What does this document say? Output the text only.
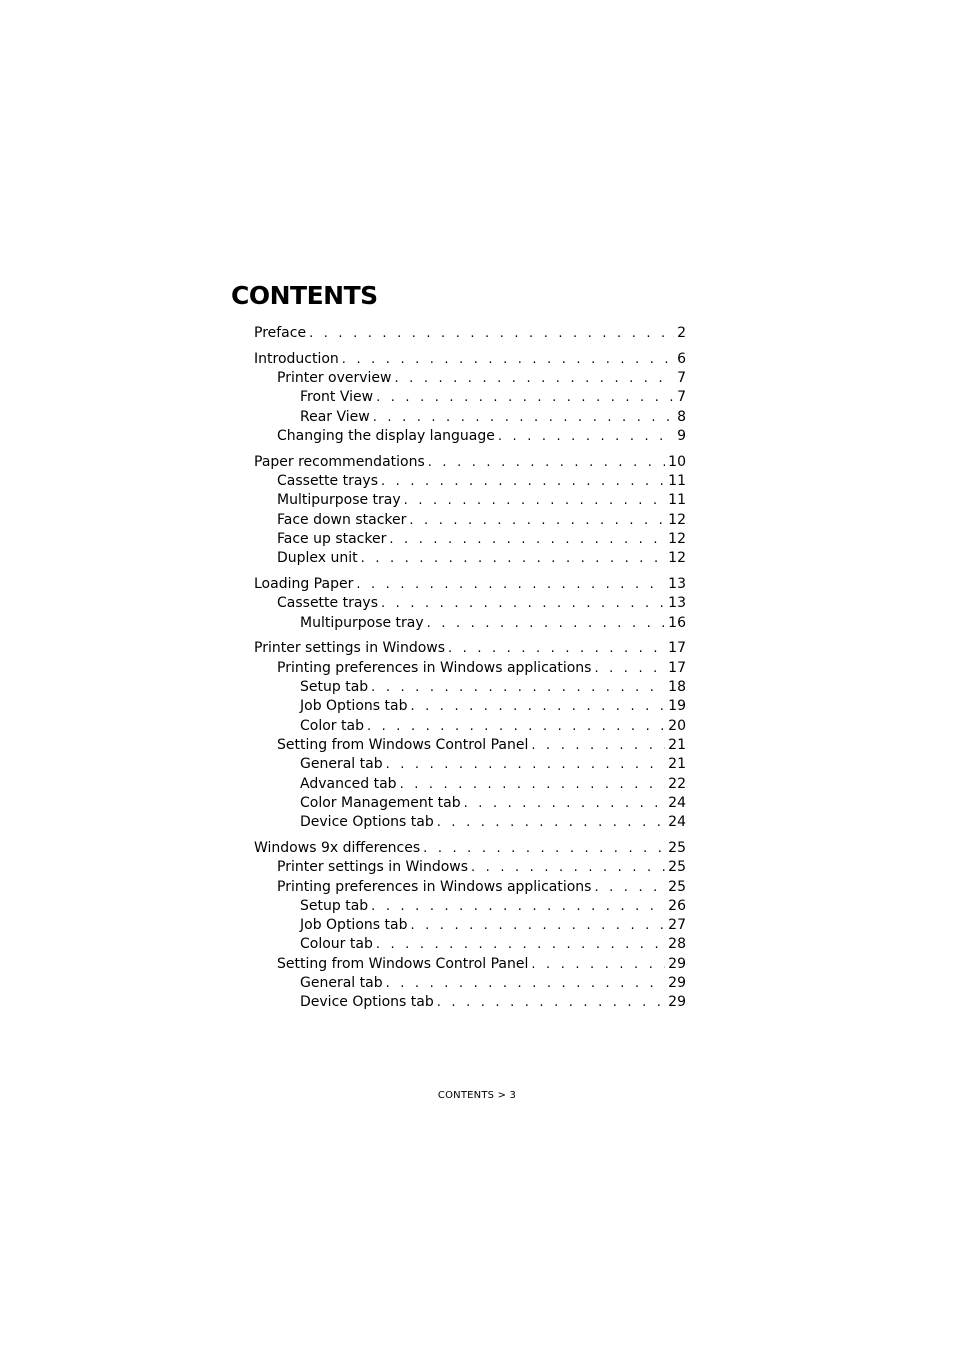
CONTENTS
Preface . . .	2
Introduction . . .	6
Printer overview . . .	7
Front View . . .	7
Rear View . . .	8
Changing the display language . . .	9
Paper recommendations . . .	10
Cassette trays . . .	11
Multipurpose tray . . .	11
Face down stacker . . .	12
Face up stacker . . .	12
Duplex unit . . .	12
Loading Paper . . .	13
Cassette trays . . .	13
Multipurpose tray . . .	16
Printer settings in Windows . . .	17
Printing preferences in Windows applications . . .	17
Setup tab . . .	18
Job Options tab . . .	19
Color tab . . .	20
Setting from Windows Control Panel . . .	21
General tab . . .	21
Advanced tab . . .	22
Color Management tab . . .	24
Device Options tab . . .	24
Windows 9x differences . . .	25
Printer settings in Windows . . .	25
Printing preferences in Windows applications . . .	25
Setup tab . . .	26
Job Options tab . . .	27
Colour tab . . .	28
Setting from Windows Control Panel . . .	29
General tab . . .	29
Device Options tab . . .	29
CONTENTS > 3
